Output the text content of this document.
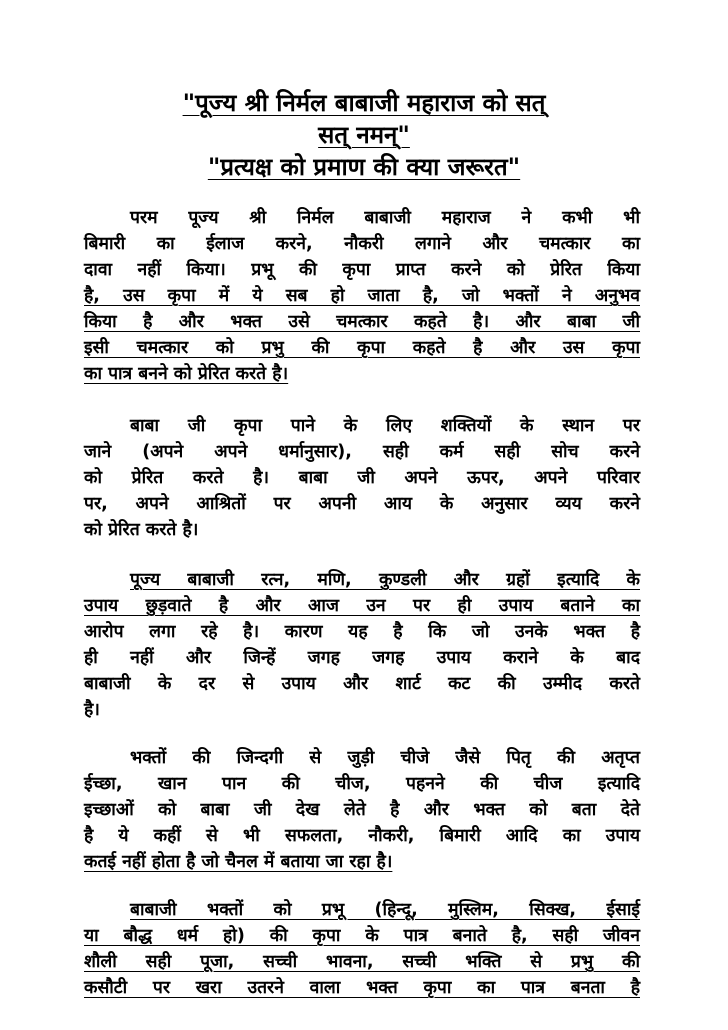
"पूज्य श्री निर्मल बाबाजी महाराज को सत्
सत् नमन्"
"प्रत्यक्ष को प्रमाण की क्या जरूरत"
परम पूज्य श्री निर्मल बाबाजी महाराज ने कभी भी
बिमारी का ईलाज करने, नौकरी लगाने और चमत्कार का
दावा नहीं किया। प्रभू की कृपा प्राप्त करने को प्रेरित किया
है, उस कृपा में ये सब हो जाता है, जो भक्तों ने अनुभव
किया है और भक्त उसे चमत्कार कहते है। और बाबा जी
इसी चमत्कार को प्रभु की कृपा कहते है और उस कृपा
का पात्र बनने को प्रेरित करते है।
बाबा जी कृपा पाने के लिए शक्तियों के स्थान पर
जाने (अपने अपने धर्मानुसार), सही कर्म सही सोच करने
को प्रेरित करते है। बाबा जी अपने ऊपर, अपने परिवार
पर, अपने आश्रितों पर अपनी आय के अनुसार व्यय करने
को प्रेरित करते है।
पूज्य बाबाजी रत्न, मणि, कुण्डली और ग्रहों इत्यादि के
उपाय छुड़वाते है और आज उन पर ही उपाय बताने का
आरोप लगा रहे है। कारण यह है कि जो उनके भक्त है
ही नहीं और जिन्हें जगह जगह उपाय कराने के बाद
बाबाजी के दर से उपाय और शार्ट कट की उम्मीद करते
है।
भक्तों की जिन्दगी से जुड़ी चीजे जैसे पितृ की अतृप्त
ईच्छा, खान पान की चीज, पहनने की चीज इत्यादि
इच्छाओं को बाबा जी देख लेते है और भक्त को बता देते
है ये कहीं से भी सफलता, नौकरी, बिमारी आदि का उपाय
कतई नहीं होता है जो चैनल में बताया जा रहा है।
बाबाजी भक्तों को प्रभू (हिन्दू, मुस्लिम, सिक्ख, ईसाई
या बौद्ध धर्म हो) की कृपा के पात्र बनाते है, सही जीवन
शौली सही पूजा, सच्ची भावना, सच्ची भक्ति से प्रभु की
कसौटी पर खरा उतरने वाला भक्त कृपा का पात्र बनता है
